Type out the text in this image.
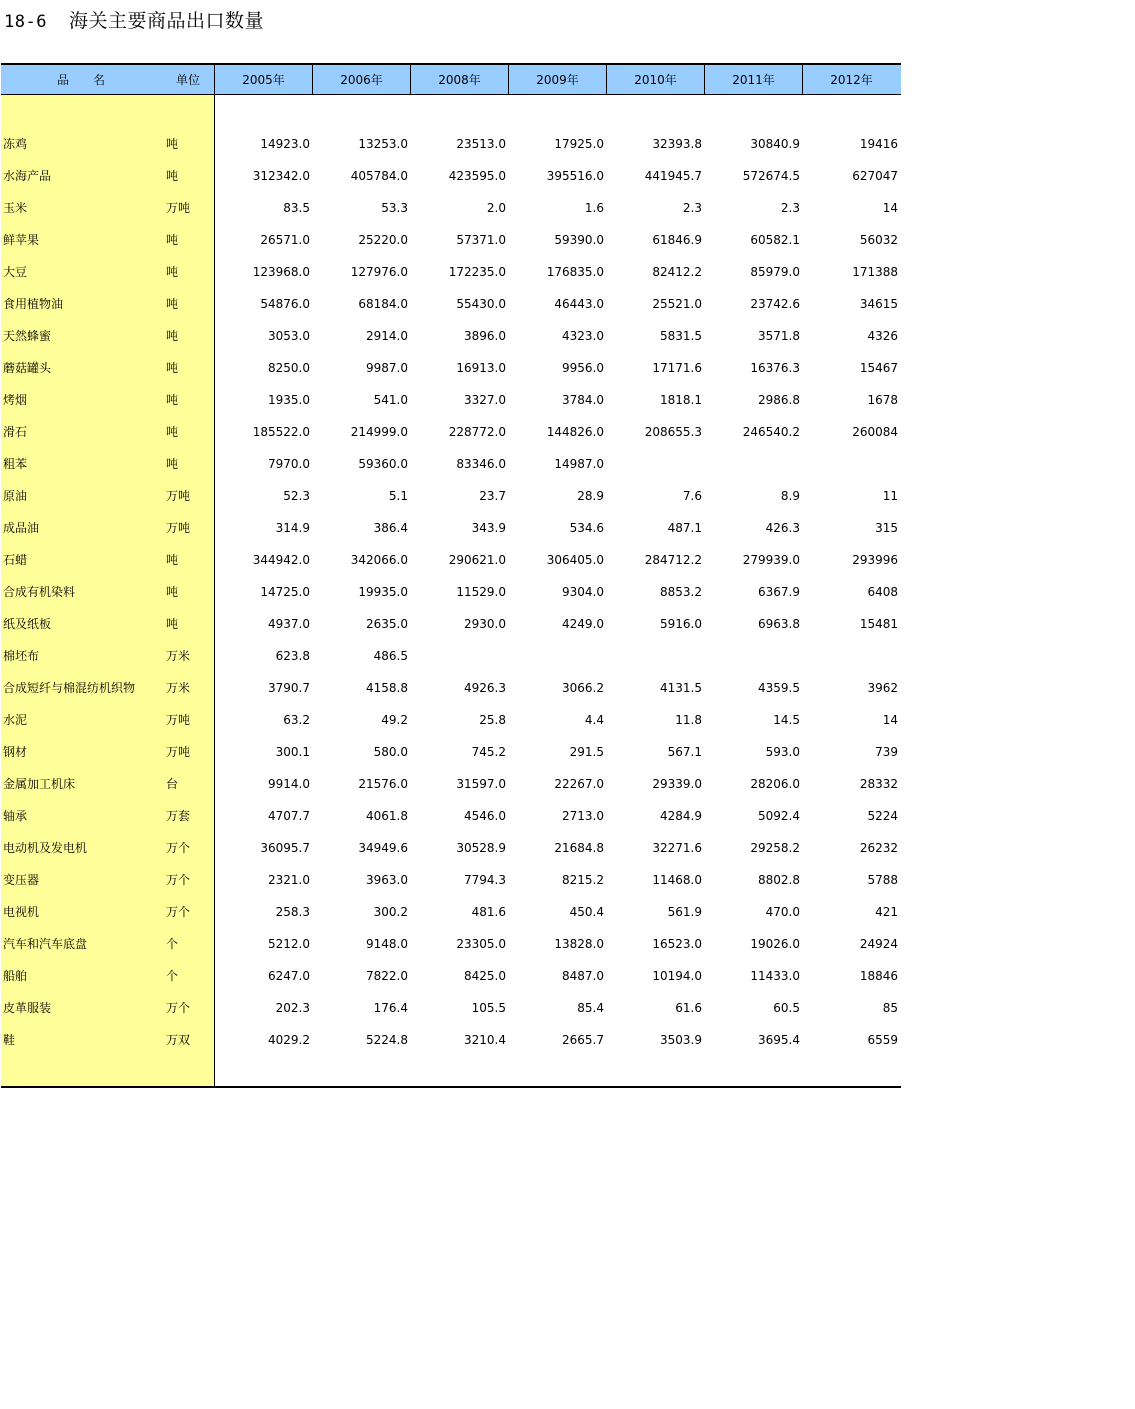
18-6 海关主要商品出口数量
品　　名	单位	2005年	2006年	2008年	2009年	2010年	2011年	2012年
冻鸡	吨	14923.0	13253.0	23513.0	17925.0	32393.8	30840.9	19416
水海产品	吨	312342.0	405784.0	423595.0	395516.0	441945.7	572674.5	627047
玉米	万吨	83.5	53.3	2.0	1.6	2.3	2.3	14
鲜苹果	吨	26571.0	25220.0	57371.0	59390.0	61846.9	60582.1	56032
大豆	吨	123968.0	127976.0	172235.0	176835.0	82412.2	85979.0	171388
食用植物油	吨	54876.0	68184.0	55430.0	46443.0	25521.0	23742.6	34615
天然蜂蜜	吨	3053.0	2914.0	3896.0	4323.0	5831.5	3571.8	4326
蘑菇罐头	吨	8250.0	9987.0	16913.0	9956.0	17171.6	16376.3	15467
烤烟	吨	1935.0	541.0	3327.0	3784.0	1818.1	2986.8	1678
滑石	吨	185522.0	214999.0	228772.0	144826.0	208655.3	246540.2	260084
粗苯	吨	7970.0	59360.0	83346.0	14987.0
原油	万吨	52.3	5.1	23.7	28.9	7.6	8.9	11
成品油	万吨	314.9	386.4	343.9	534.6	487.1	426.3	315
石蜡	吨	344942.0	342066.0	290621.0	306405.0	284712.2	279939.0	293996
合成有机染料	吨	14725.0	19935.0	11529.0	9304.0	8853.2	6367.9	6408
纸及纸板	吨	4937.0	2635.0	2930.0	4249.0	5916.0	6963.8	15481
棉坯布	万米	623.8	486.5
合成短纤与棉混纺机织物	万米	3790.7	4158.8	4926.3	3066.2	4131.5	4359.5	3962
水泥	万吨	63.2	49.2	25.8	4.4	11.8	14.5	14
钢材	万吨	300.1	580.0	745.2	291.5	567.1	593.0	739
金属加工机床	台	9914.0	21576.0	31597.0	22267.0	29339.0	28206.0	28332
轴承	万套	4707.7	4061.8	4546.0	2713.0	4284.9	5092.4	5224
电动机及发电机	万个	36095.7	34949.6	30528.9	21684.8	32271.6	29258.2	26232
变压器	万个	2321.0	3963.0	7794.3	8215.2	11468.0	8802.8	5788
电视机	万个	258.3	300.2	481.6	450.4	561.9	470.0	421
汽车和汽车底盘	个	5212.0	9148.0	23305.0	13828.0	16523.0	19026.0	24924
船舶	个	6247.0	7822.0	8425.0	8487.0	10194.0	11433.0	18846
皮革服装	万个	202.3	176.4	105.5	85.4	61.6	60.5	85
鞋	万双	4029.2	5224.8	3210.4	2665.7	3503.9	3695.4	6559
